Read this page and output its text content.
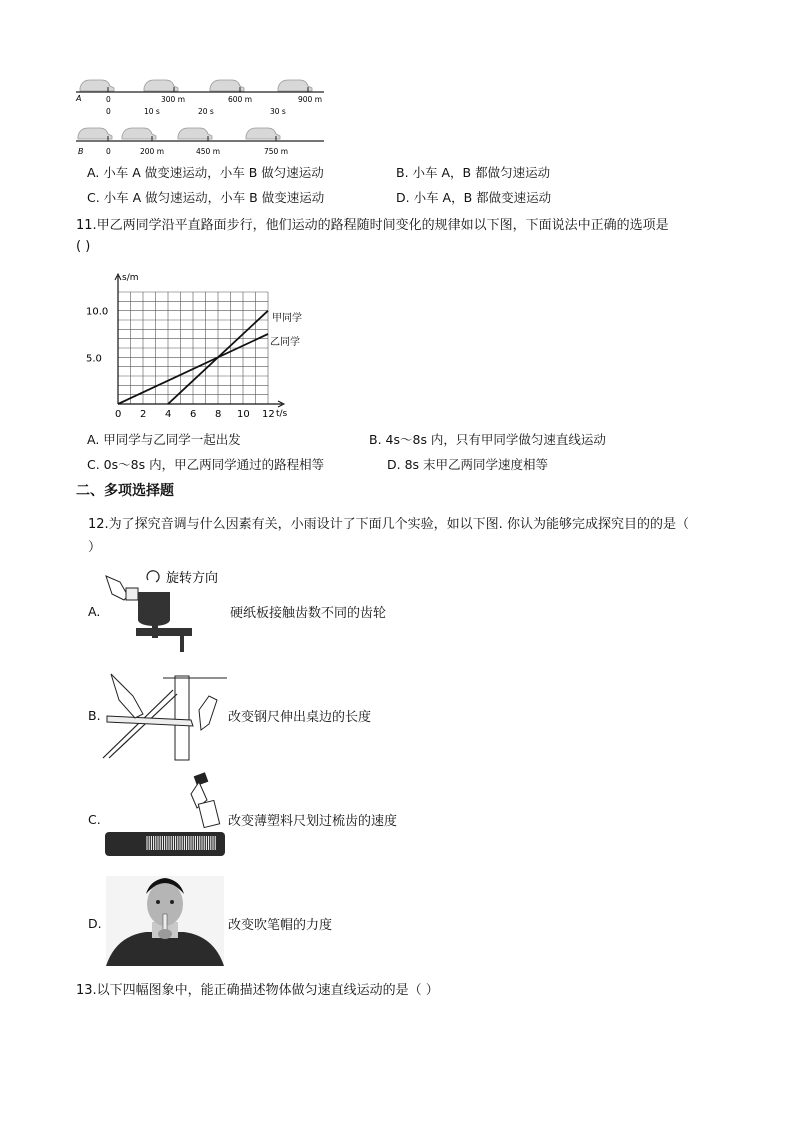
A	0	300 m	600 m	900 m
0	10 s	20 s	30 s
B	0	200 m	450 m	750 m
A. 小车 A 做变速运动，小车 B 做匀速运动	B. 小车 A，B 都做匀速运动
C. 小车 A 做匀速运动，小车 B 做变速运动	D. 小车 A，B 都做变速运动
11.甲乙两同学沿平直路面步行，他们运动的路程随时间变化的规律如以下图，下面说法中正确的选项是
( )
s/m
t/s
10.0
5.0
0 2 4 6 8 10 12
甲同学
乙同学
A. 甲同学与乙同学一起出发	B. 4s～8s 内，只有甲同学做匀速直线运动
C. 0s～8s 内，甲乙两同学通过的路程相等	D. 8s 末甲乙两同学速度相等
二、多项选择题
12.为了探究音调与什么因素有关，小雨设计了下面几个实验，如以下图. 你认为能够完成探究目的的是（
）
A.
旋转方向
硬纸板接触齿数不同的齿轮
B.	改变钢尺伸出桌边的长度
C.	改变薄塑料尺划过梳齿的速度
D.	改变吹笔帽的力度
13.以下四幅图象中，能正确描述物体做匀速直线运动的是（ ）
